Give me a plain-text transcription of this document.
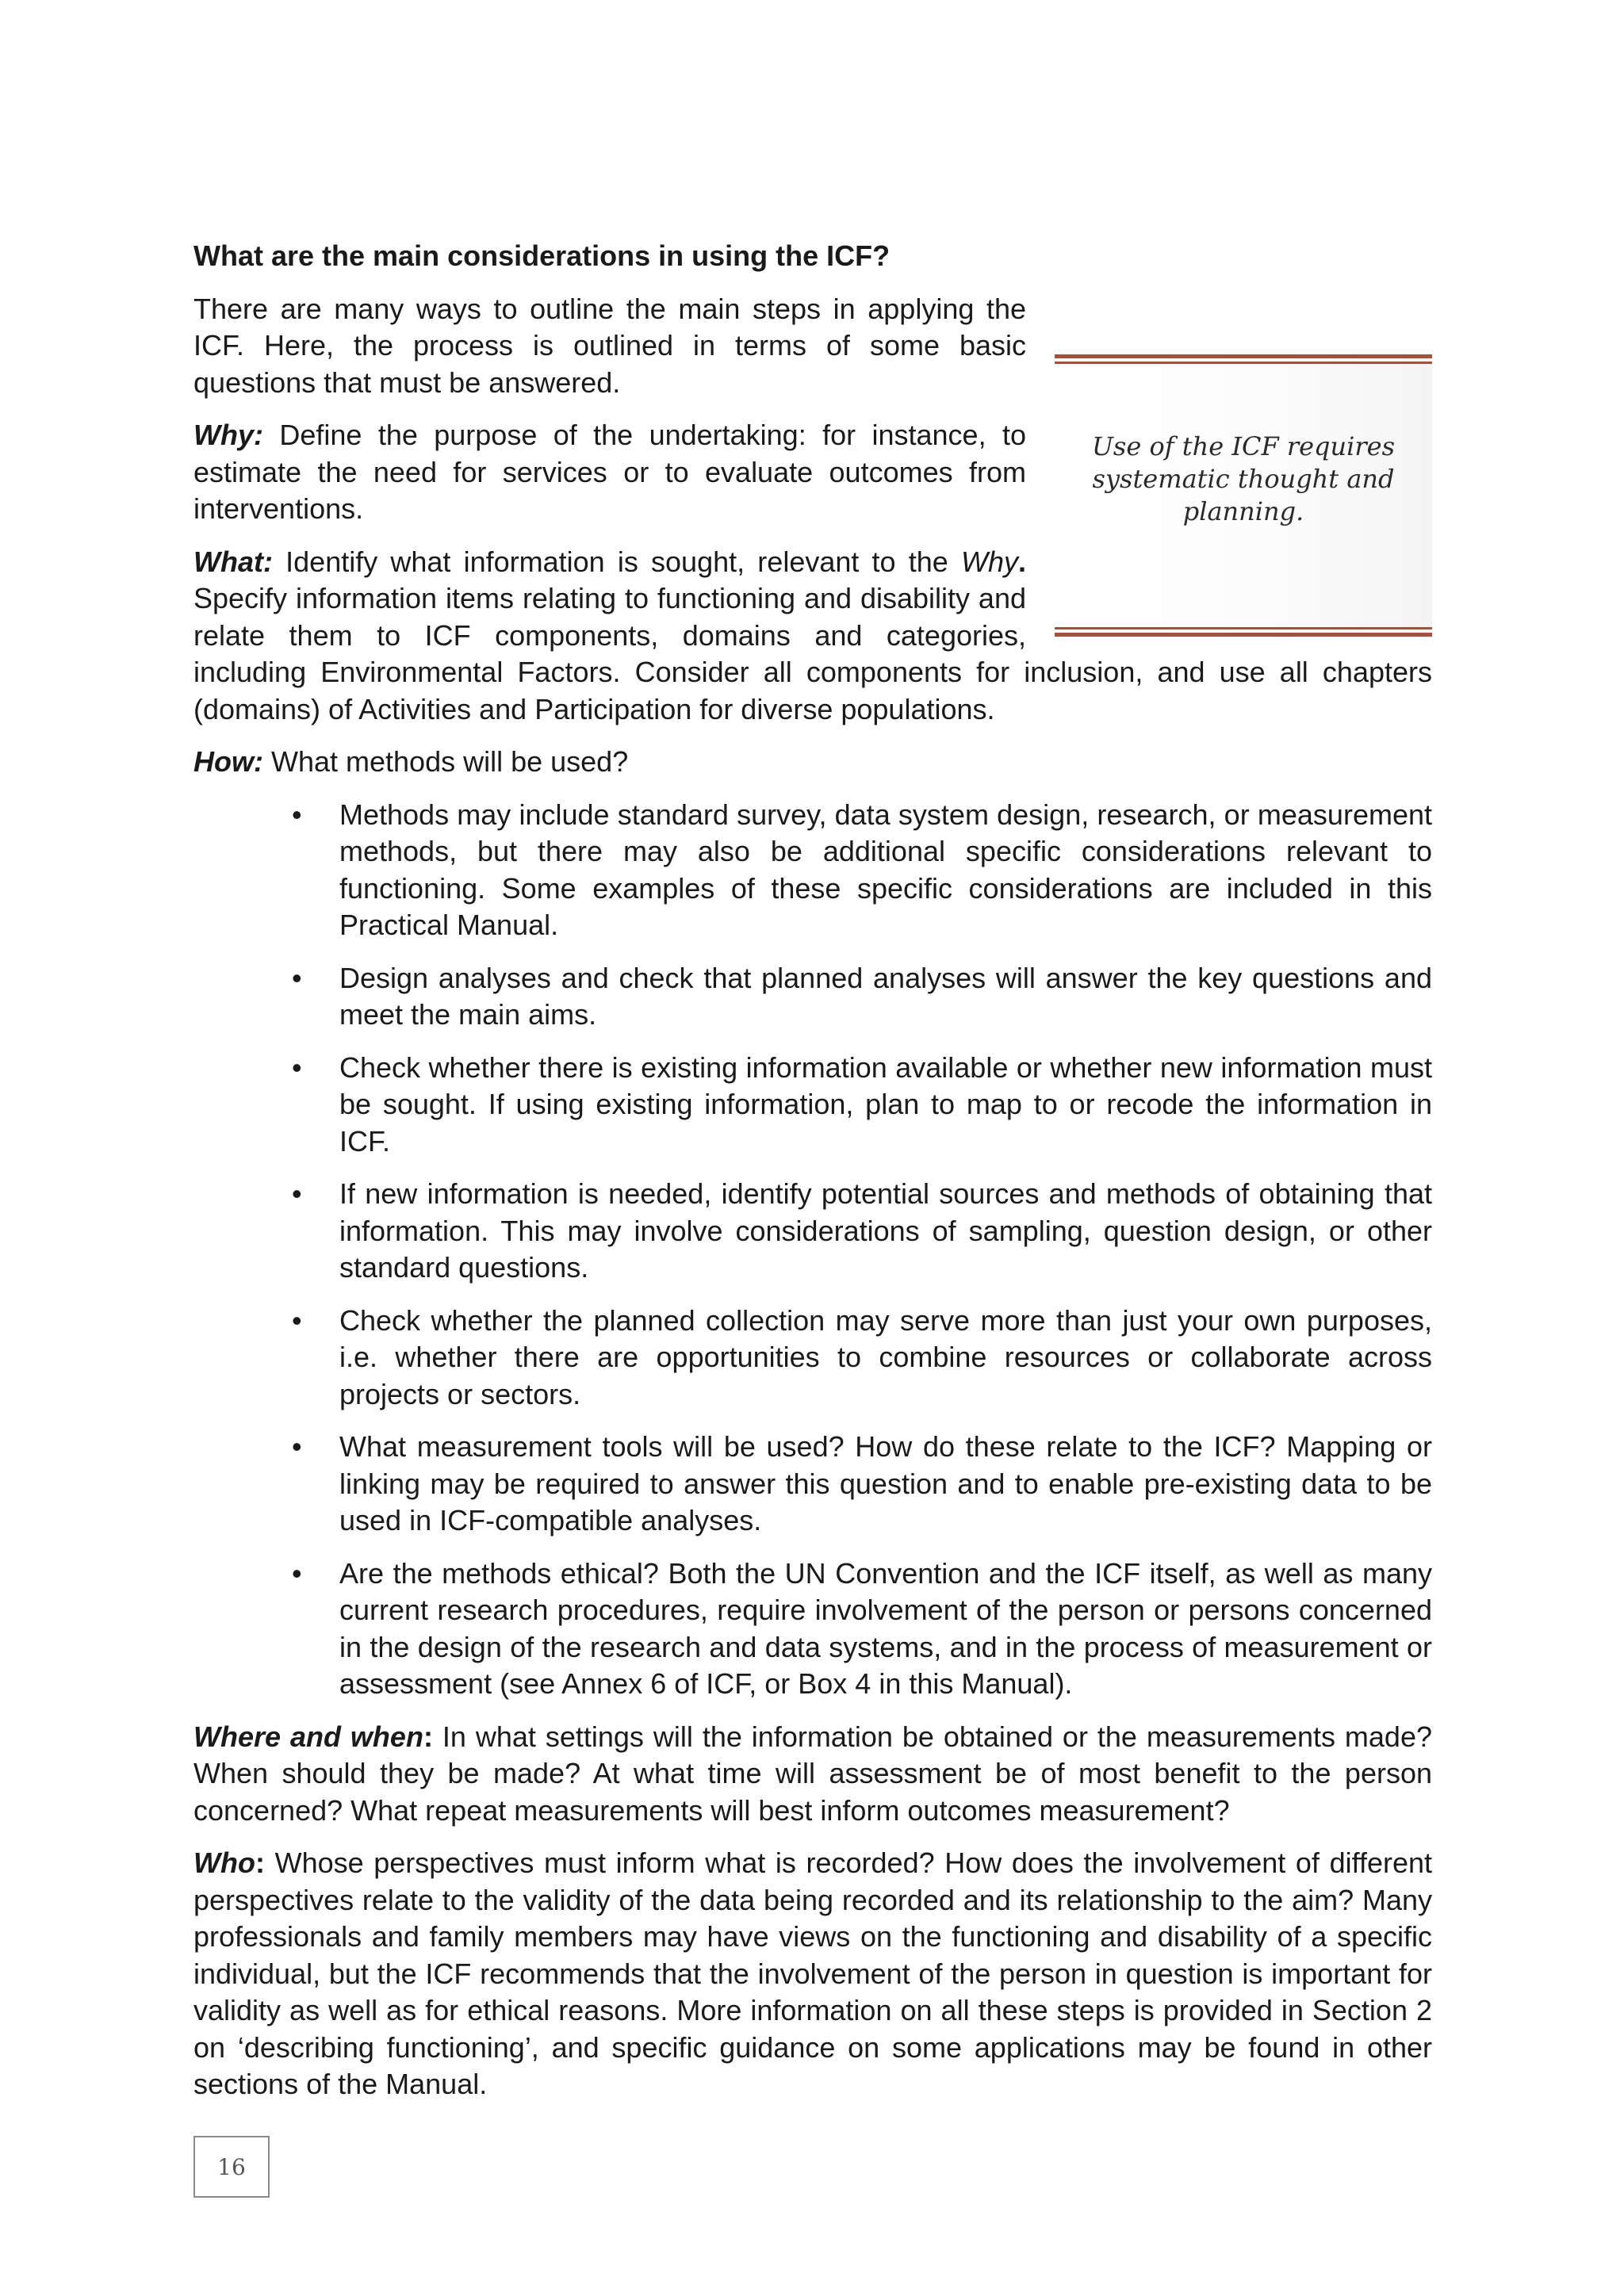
What are the main considerations in using the ICF?
Use of the ICF requires systematic thought and planning.

There are many ways to outline the main steps in applying the ICF. Here, the process is outlined in terms of some basic questions that must be answered.

Why: Define the purpose of the undertaking: for instance, to estimate the need for services or to evaluate outcomes from interventions.

What: Identify what information is sought, relevant to the Why. Specify information items relating to functioning and disability and relate them to ICF components, domains and categories, including Environmental Factors. Consider all components for inclusion, and use all chapters (domains) of Activities and Participation for diverse populations.

How: What methods will be used?

• Methods may include standard survey, data system design, research, or measurement methods, but there may also be additional specific considerations relevant to functioning. Some examples of these specific considerations are included in this Practical Manual.
• Design analyses and check that planned analyses will answer the key questions and meet the main aims.
• Check whether there is existing information available or whether new information must be sought. If using existing information, plan to map to or recode the information in ICF.
• If new information is needed, identify potential sources and methods of obtaining that information. This may involve considerations of sampling, question design, or other standard questions.
• Check whether the planned collection may serve more than just your own purposes, i.e. whether there are opportunities to combine resources or collaborate across projects or sectors.
• What measurement tools will be used? How do these relate to the ICF? Mapping or linking may be required to answer this question and to enable pre-existing data to be used in ICF-compatible analyses.
• Are the methods ethical? Both the UN Convention and the ICF itself, as well as many current research procedures, require involvement of the person or persons concerned in the design of the research and data systems, and in the process of measurement or assessment (see Annex 6 of ICF, or Box 4 in this Manual).

Where and when: In what settings will the information be obtained or the measurements made? When should they be made? At what time will assessment be of most benefit to the person concerned? What repeat measurements will best inform outcomes measurement?

Who: Whose perspectives must inform what is recorded? How does the involvement of different perspectives relate to the validity of the data being recorded and its relationship to the aim? Many professionals and family members may have views on the functioning and disability of a specific individual, but the ICF recommends that the involvement of the person in question is important for validity as well as for ethical reasons. More information on all these steps is provided in Section 2 on ‘describing functioning’, and specific guidance on some applications may be found in other sections of the Manual.

16
